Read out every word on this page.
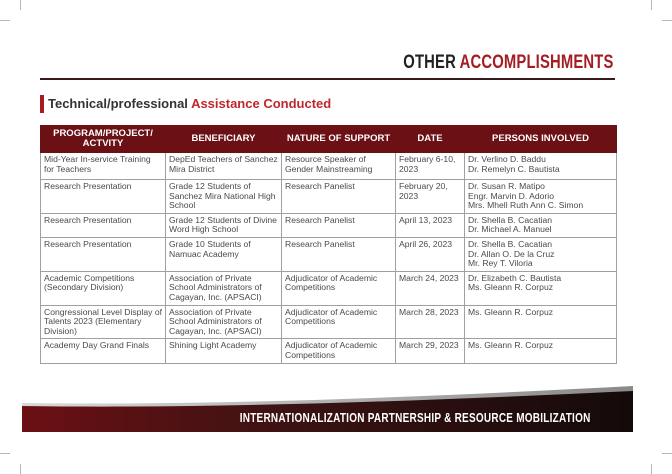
OTHER ACCOMPLISHMENTS
Technical/professional Assistance Conducted
PROGRAM/PROJECT/ ACTVITY	BENEFICIARY	NATURE OF SUPPORT	DATE	PERSONS INVOLVED
Mid-Year In-service Training for Teachers	DepEd Teachers of Sanchez Mira District	Resource Speaker of Gender Mainstreaming	February 6-10, 2023	Dr. Verlino D. Baddu
Dr. Remelyn C. Bautista

Research Presentation	Grade 12 Students of Sanchez Mira National High School	Research Panelist	February 20, 2023	Dr. Susan R. Matipo
Engr. Marvin D. Adorio
Mrs. Mhell Ruth Ann C. Simon

Research Presentation	Grade 12 Students of Divine Word High School	Research Panelist	April 13, 2023	Dr. Shella B. Cacatian
Dr. Michael A. Manuel

Research Presentation	Grade 10 Students of Namuac Academy	Research Panelist	April 26, 2023	Dr. Shella B. Cacatian
Dr. Allan O. De la Cruz
Mr. Rey T. Viloria

Academic Competitions (Secondary Division)	Association of Private School Administrators of Cagayan, Inc. (APSACI)	Adjudicator of Academic Competitions	March 24, 2023	Dr. Elizabeth C. Bautista
Ms. Gleann R. Corpuz

Congressional Level Display of Talents 2023 (Elementary Division)	Association of Private School Administrators of Cagayan, Inc. (APSACI)	Adjudicator of Academic Competitions	March 28, 2023	Ms. Gleann R. Corpuz

Academy Day Grand Finals	Shining Light Academy	Adjudicator of Academic Competitions	March 29, 2023	Ms. Gleann R. Corpuz
INTERNATIONALIZATION PARTNERSHIP & RESOURCE MOBILIZATION
